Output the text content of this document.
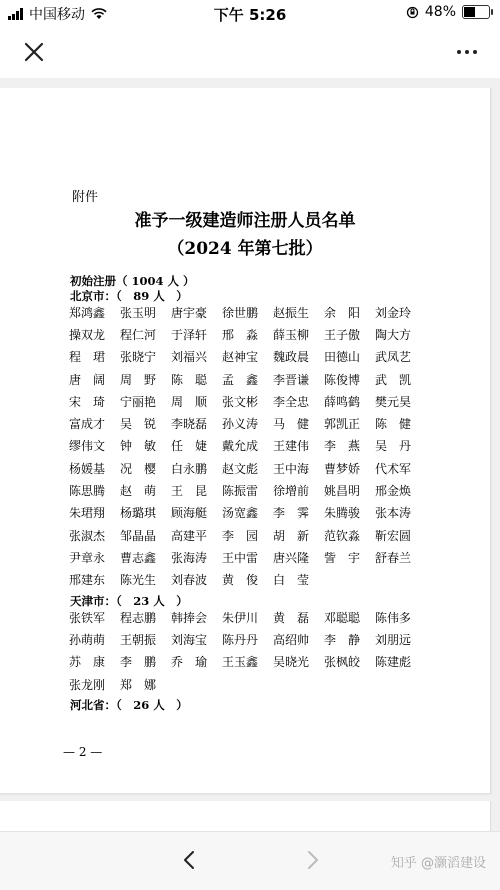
中国移动	下午 5:26	48%
附件
准予一级建造师注册人员名单
（2024 年第七批）
初始注册（ 1004 人 ）
北京市：（　89 人　）
郑鸿鑫	张玉明	唐宇豪	徐世鹏	赵振生	余　阳	刘金玲
操双龙	程仁河	于泽轩	邢　淼	薛玉柳	王子傲	陶大方
程　珺	张晓宁	刘福兴	赵神宝	魏政晨	田德山	武凤艺
唐　阔	周　野	陈　聪	孟　鑫	李晋谦	陈俊博	武　凯
宋　琦	宁丽艳	周　顺	张文彬	李全忠	薛鸣鹤	樊元昊
富成才	吴　锐	李晓磊	孙义涛	马　健	郭凯正	陈　健
缪伟文	钟　敏	任　婕	戴允成	王建伟	李　燕	吴　丹
杨媛基	况　樱	白永鹏	赵文彪	王中海	曹梦娇	代术军
陈思腾	赵　萌	王　昆	陈振雷	徐增前	姚昌明	邢金焕
朱珺翔	杨璐琪	顾海艇	汤宽鑫	李　霁	朱腾骏	张本涛
张淑杰	邹晶晶	高建平	李　园	胡　新	范钦淼	靳宏圆
尹章永	曹志鑫	张海涛	王中雷	唐兴隆	訾　宇	舒春兰
邢建东	陈光生	刘春波	黄　俊	白　莹
天津市：（　23 人　）
张铁军	程志鹏	韩捧会	朱伊川	黄　磊	邓聪聪	陈伟多
孙萌萌	王朝振	刘海宝	陈丹丹	高绍帅	李　静	刘朋远
苏　康	李　鹏	乔　瑜	王玉鑫	吴晓光	张枫皎	陈建彪
张龙刚	郑　娜
河北省：（　26 人　）
— 2 —
知乎 @灏滔建设
